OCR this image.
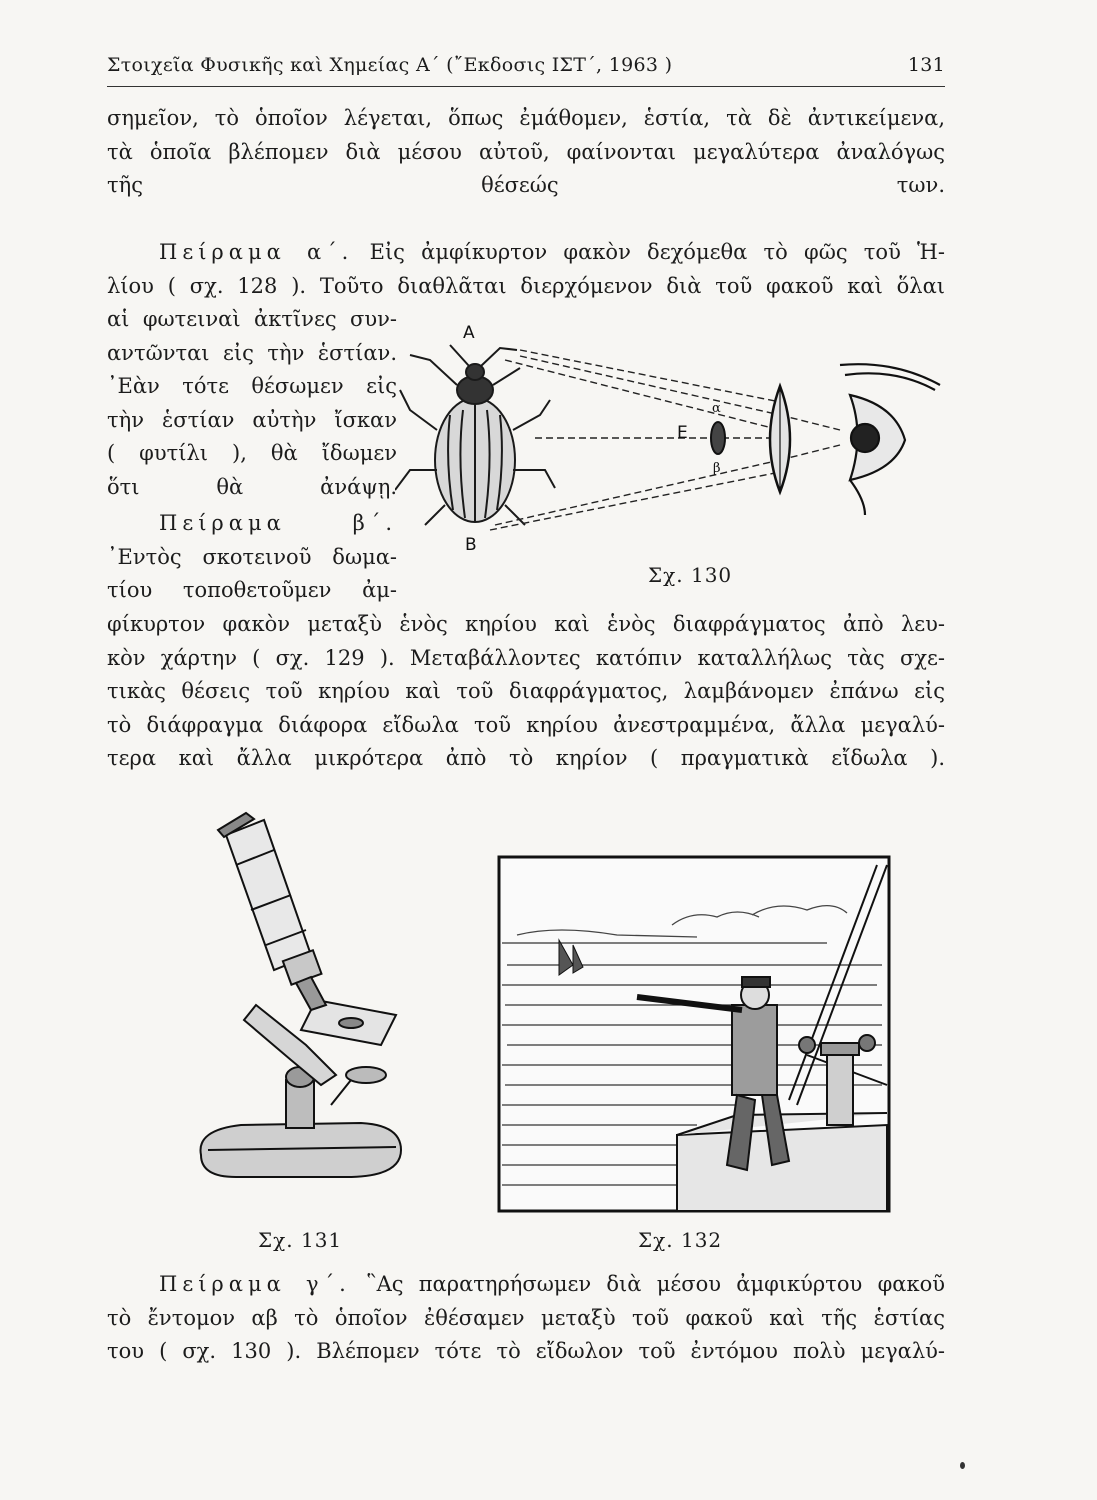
Στοιχεῖα Φυσικῆς καὶ Χημείας Α΄ (῎Εκδοσις ΙΣΤ΄, 1963 )	131
σημεῖον, τὸ ὁποῖον λέγεται, ὅπως ἐμάθομεν, ἑστία, τὰ δὲ ἀντικείμενα,
τὰ ὁποῖα βλέπομεν διὰ μέσου αὐτοῦ, φαίνονται μεγαλύτερα ἀναλόγως
τῆς θέσεώς των.
Πείραμα α΄. Εἰς ἀμφίκυρτον φακὸν δεχόμεθα τὸ φῶς τοῦ Ἡ-
λίου ( σχ. 128 ). Τοῦτο διαθλᾶται διερχόμενον διὰ τοῦ φακοῦ καὶ ὅλαι
αἱ φωτειναὶ ἀκτῖνες συν-
αντῶνται εἰς τὴν ἑστίαν.
᾿Εὰν τότε θέσωμεν εἰς
τὴν ἑστίαν αὐτὴν ἴσκαν
( φυτίλι ), θὰ ἴδωμεν
ὅτι θὰ ἀνάψῃ.
Πείραμα β΄.
᾿Εντὸς σκοτεινοῦ δωμα-
τίου τοποθετοῦμεν ἀμ-
φίκυρτον φακὸν μεταξὺ ἑνὸς κηρίου καὶ ἑνὸς διαφράγματος ἀπὸ λευ-
κὸν χάρτην ( σχ. 129 ). Μεταβάλλοντες κατόπιν καταλλήλως τὰς σχε-
τικὰς θέσεις τοῦ κηρίου καὶ τοῦ διαφράγματος, λαμβάνομεν ἐπάνω εἰς
τὸ διάφραγμα διάφορα εἴδωλα τοῦ κηρίου ἀνεστραμμένα, ἄλλα μεγαλύ-
τερα καὶ ἄλλα μικρότερα ἀπὸ τὸ κηρίον ( πραγματικὰ εἴδωλα ).
Α
Β
Ε
α
β
Σχ. 130
Σχ. 131	Σχ. 132
Πείραμα γ΄. ῝Ας παρατηρήσωμεν διὰ μέσου ἀμφικύρτου φακοῦ
τὸ ἔντομον αβ τὸ ὁποῖον ἐθέσαμεν μεταξὺ τοῦ φακοῦ καὶ τῆς ἑστίας
του ( σχ. 130 ). Βλέπομεν τότε τὸ εἴδωλον τοῦ ἐντόμου πολὺ μεγαλύ-
